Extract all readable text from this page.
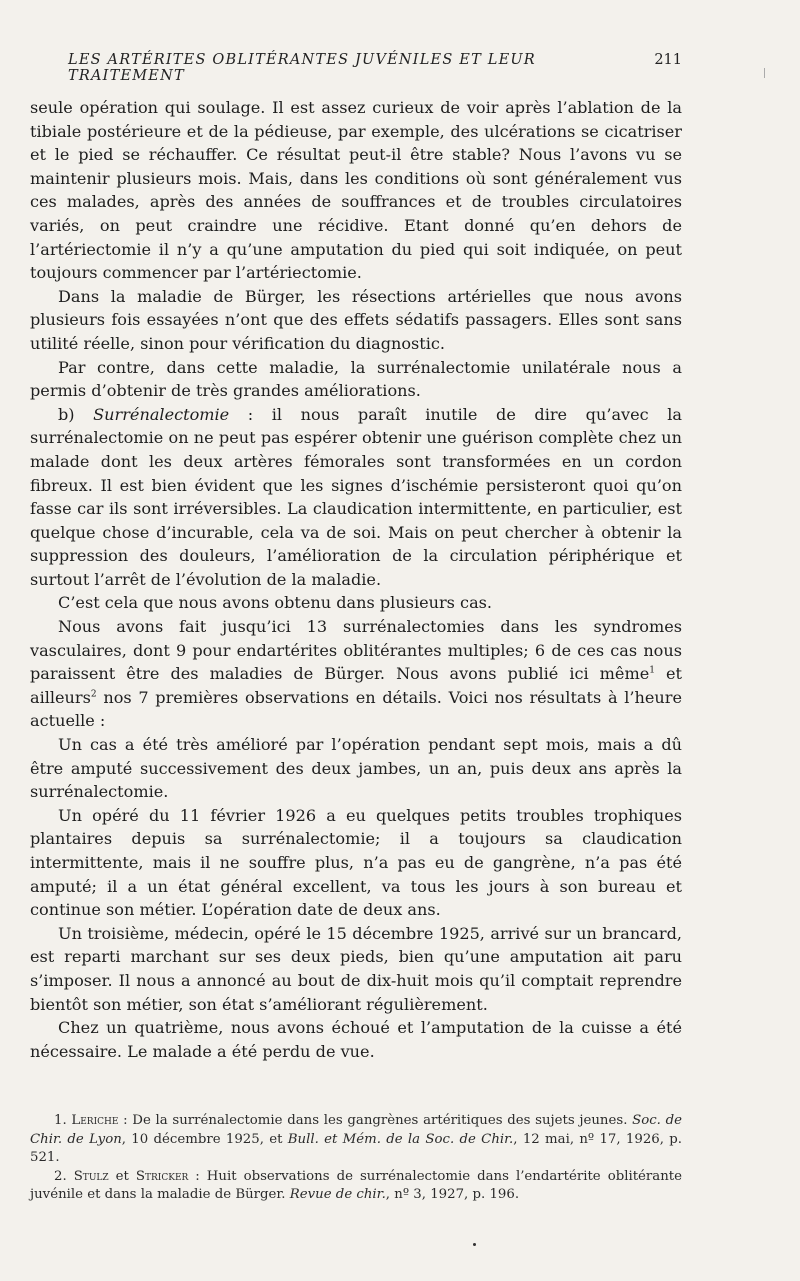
LES ARTÉRITES OBLITÉRANTES JUVÉNILES ET LEUR TRAITEMENT
211

seule opération qui soulage. Il est assez curieux de voir après l’ablation de la tibiale postérieure et de la pédieuse, par exemple, des ulcérations se cicatriser et le pied se réchauffer. Ce résultat peut-il être stable? Nous l’avons vu se maintenir plusieurs mois. Mais, dans les conditions où sont généralement vus ces malades, après des années de souffrances et de troubles circulatoires variés, on peut craindre une récidive. Etant donné qu’en dehors de l’artériectomie il n’y a qu’une amputation du pied qui soit indiquée, on peut toujours commencer par l’artériectomie.

Dans la maladie de Bürger, les résections artérielles que nous avons plusieurs fois essayées n’ont que des effets sédatifs passagers. Elles sont sans utilité réelle, sinon pour vérification du diagnostic.

Par contre, dans cette maladie, la surrénalectomie unilatérale nous a permis d’obtenir de très grandes améliorations.

b) Surrénalectomie : il nous paraît inutile de dire qu’avec la surrénalectomie on ne peut pas espérer obtenir une guérison complète chez un malade dont les deux artères fémorales sont transformées en un cordon fibreux. Il est bien évident que les signes d’ischémie persisteront quoi qu’on fasse car ils sont irréversibles. La claudication intermittente, en particulier, est quelque chose d’incurable, cela va de soi. Mais on peut chercher à obtenir la suppression des douleurs, l’amélioration de la circulation périphérique et surtout l’arrêt de l’évolution de la maladie.

C’est cela que nous avons obtenu dans plusieurs cas.

Nous avons fait jusqu’ici 13 surrénalectomies dans les syndromes vasculaires, dont 9 pour endartérites oblitérantes multiples; 6 de ces cas nous paraissent être des maladies de Bürger. Nous avons publié ici même$^1$ et ailleurs$^2$ nos 7 premières observations en détails. Voici nos résultats à l’heure actuelle :

Un cas a été très amélioré par l’opération pendant sept mois, mais a dû être amputé successivement des deux jambes, un an, puis deux ans après la surrénalectomie.

Un opéré du 11 février 1926 a eu quelques petits troubles trophiques plantaires depuis sa surrénalectomie; il a toujours sa claudication intermittente, mais il ne souffre plus, n’a pas eu de gangrène, n’a pas été amputé; il a un état général excellent, va tous les jours à son bureau et continue son métier. L’opération date de deux ans.

Un troisième, médecin, opéré le 15 décembre 1925, arrivé sur un brancard, est reparti marchant sur ses deux pieds, bien qu’une amputation ait paru s’imposer. Il nous a annoncé au bout de dix-huit mois qu’il comptait reprendre bientôt son métier, son état s’améliorant régulièrement.

Chez un quatrième, nous avons échoué et l’amputation de la cuisse a été nécessaire. Le malade a été perdu de vue.

1. Leriche : De la surrénalectomie dans les gangrènes artéritiques des sujets jeunes. Soc. de Chir. de Lyon, 10 décembre 1925, et Bull. et Mém. de la Soc. de Chir., 12 mai, nº 17, 1926, p. 521.

2. Stulz et Stricker : Huit observations de surrénalectomie dans l’endartérite oblitérante juvénile et dans la maladie de Bürger. Revue de chir., nº 3, 1927, p. 196.
